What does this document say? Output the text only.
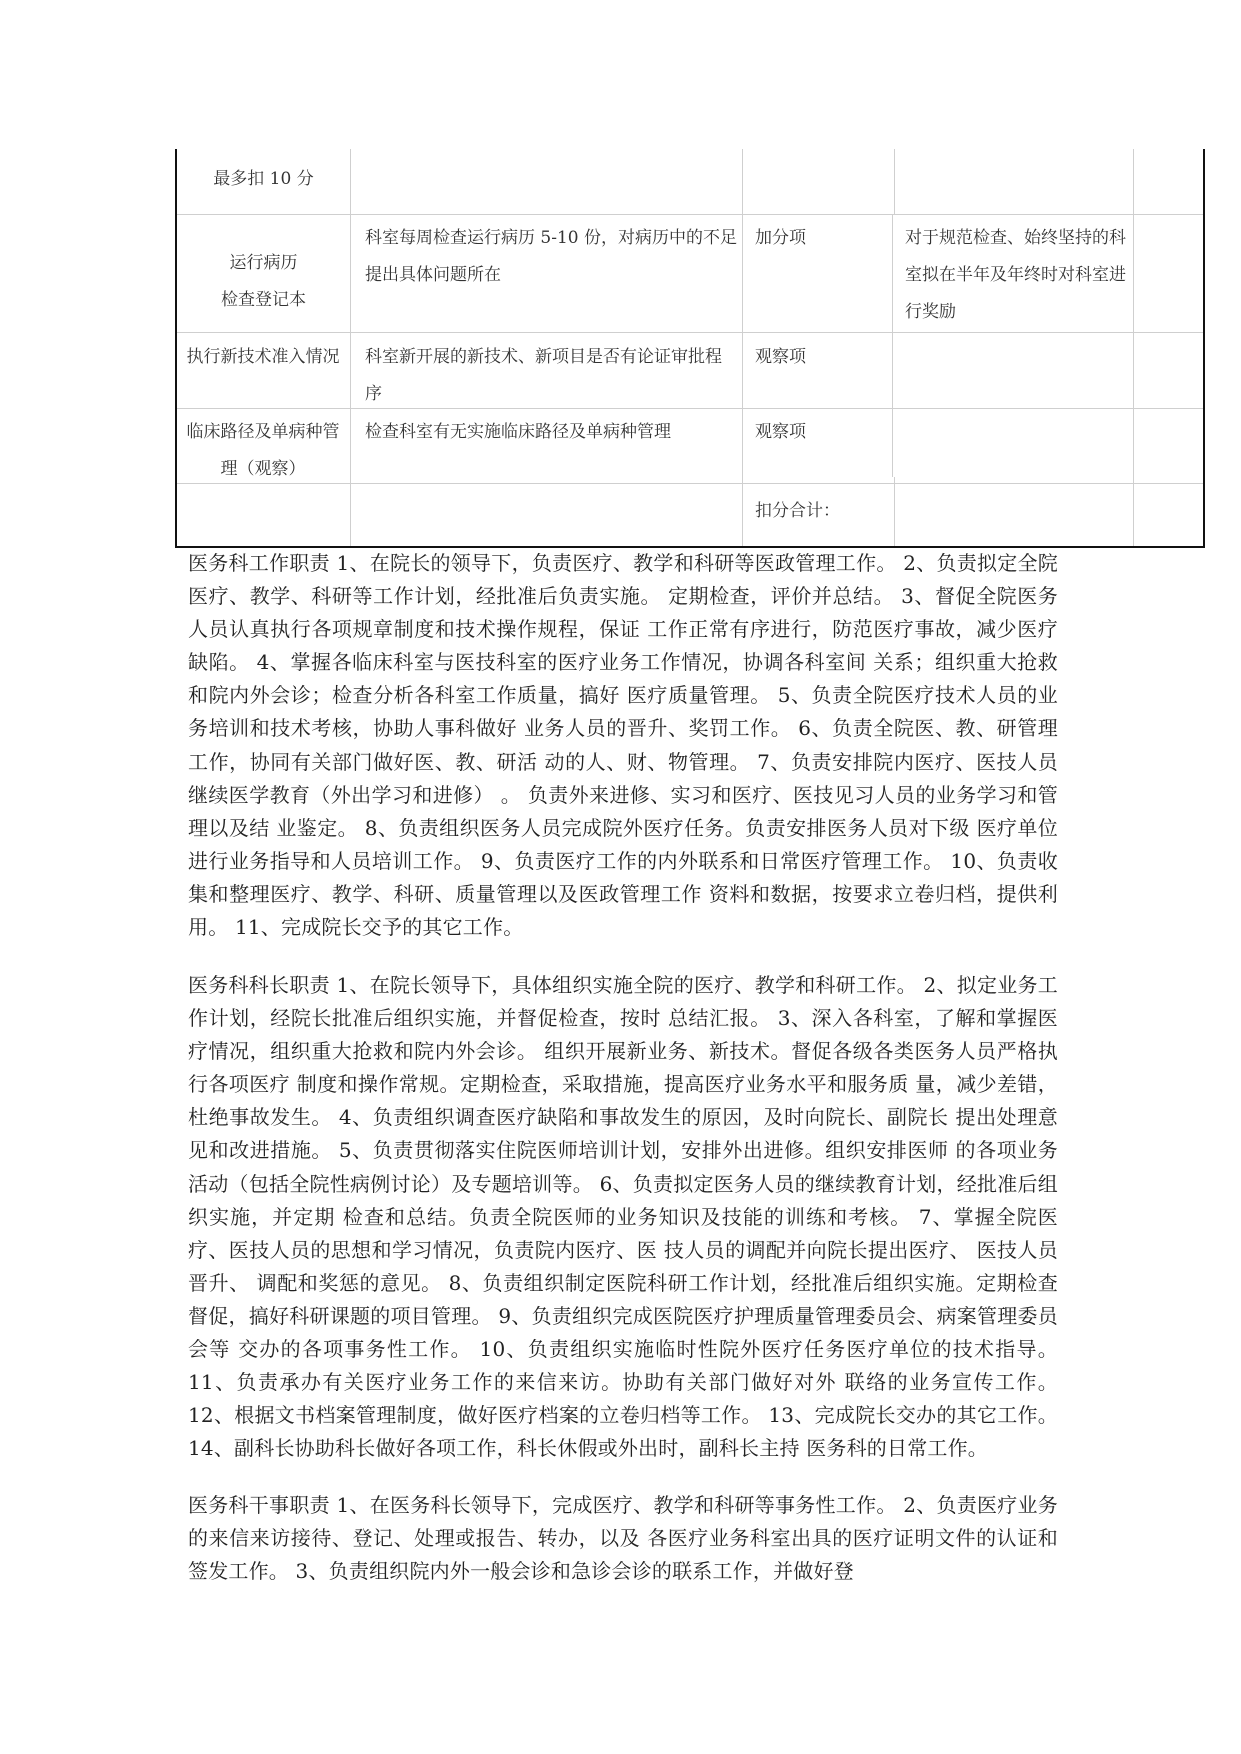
最多扣 10 分
运行病历
检查登记本
科室每周检查运行病历 5-10 份，对病历中的不足提出具体问题所在
加分项	对于规范检查、始终坚持的科室拟在半年及年终时对科室进行奖励
执行新技术准入情况 科室新开展的新技术、新项目是否有论证审批程序
观察项
临床路径及单病种管理（观察）
检查科室有无实施临床路径及单病种管理	观察项
扣分合计：
医务科工作职责 1、在院长的领导下，负责医疗、教学和科研等医政管理工作。 2、负责拟定全院医疗、教学、科研等工作计划，经批准后负责实施。 定期检查，评价并总结。 3、督促全院医务人员认真执行各项规章制度和技术操作规程，保证 工作正常有序进行，防范医疗事故，减少医疗缺陷。 4、掌握各临床科室与医技科室的医疗业务工作情况，协调各科室间 关系；组织重大抢救和院内外会诊；检查分析各科室工作质量，搞好 医疗质量管理。 5、负责全院医疗技术人员的业务培训和技术考核，协助人事科做好 业务人员的晋升、奖罚工作。 6、负责全院医、教、研管理工作，协同有关部门做好医、教、研活 动的人、财、物管理。 7、负责安排院内医疗、医技人员继续医学教育（外出学习和进修） 。 负责外来进修、实习和医疗、医技见习人员的业务学习和管理以及结 业鉴定。 8、负责组织医务人员完成院外医疗任务。负责安排医务人员对下级 医疗单位进行业务指导和人员培训工作。 9、负责医疗工作的内外联系和日常医疗管理工作。 10、负责收集和整理医疗、教学、科研、质量管理以及医政管理工作 资料和数据，按要求立卷归档，提供利用。 11、完成院长交予的其它工作。
医务科科长职责 1、在院长领导下，具体组织实施全院的医疗、教学和科研工作。 2、拟定业务工作计划，经院长批准后组织实施，并督促检查，按时 总结汇报。 3、深入各科室，了解和掌握医疗情况，组织重大抢救和院内外会诊。 组织开展新业务、新技术。督促各级各类医务人员严格执行各项医疗 制度和操作常规。定期检查，采取措施，提高医疗业务水平和服务质 量，减少差错，杜绝事故发生。 4、负责组织调查医疗缺陷和事故发生的原因，及时向院长、副院长 提出处理意见和改进措施。 5、负责贯彻落实住院医师培训计划，安排外出进修。组织安排医师 的各项业务活动（包括全院性病例讨论）及专题培训等。 6、负责拟定医务人员的继续教育计划，经批准后组织实施，并定期 检查和总结。负责全院医师的业务知识及技能的训练和考核。 7、掌握全院医疗、医技人员的思想和学习情况，负责院内医疗、医 技人员的调配并向院长提出医疗、 医技人员晋升、 调配和奖惩的意见。 8、负责组织制定医院科研工作计划，经批准后组织实施。定期检查 督促，搞好科研课题的项目管理。 9、负责组织完成医院医疗护理质量管理委员会、病案管理委员会等 交办的各项事务性工作。 10、负责组织实施临时性院外医疗任务医疗单位的技术指导。 11、负责承办有关医疗业务工作的来信来访。协助有关部门做好对外 联络的业务宣传工作。 12、根据文书档案管理制度，做好医疗档案的立卷归档等工作。 13、完成院长交办的其它工作。 14、副科长协助科长做好各项工作，科长休假或外出时，副科长主持 医务科的日常工作。
医务科干事职责 1、在医务科长领导下，完成医疗、教学和科研等事务性工作。 2、负责医疗业务的来信来访接待、登记、处理或报告、转办，以及 各医疗业务科室出具的医疗证明文件的认证和签发工作。 3、负责组织院内外一般会诊和急诊会诊的联系工作，并做好登
